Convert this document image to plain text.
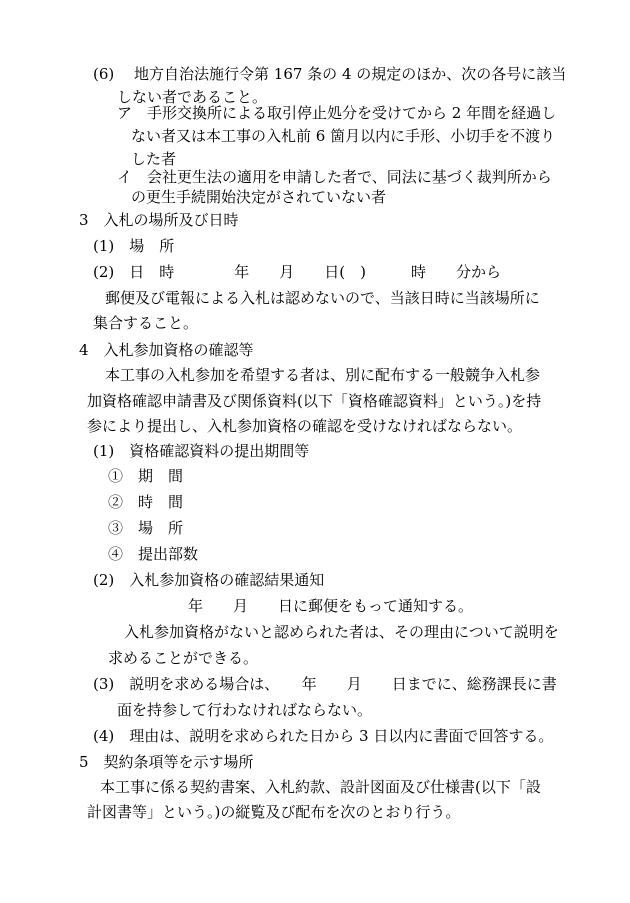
(6)　 地方自治法施行令第 167 条の 4 の規定のほか、次の各号に該当
しない者であること。
ア　手形交換所による取引停止処分を受けてから 2 年間を経過し
ない者又は本工事の入札前 6 箇月以内に手形、小切手を不渡り
した者
イ　会社更生法の適用を申請した者で、同法に基づく裁判所から
の更生手続開始決定がされていない者
3　入札の場所及び日時
(1)　場　所
(2)　日　時　　　　年　　月　　日(　)　　　時　　分から
郵便及び電報による入札は認めないので、当該日時に当該場所に
集合すること。
4　入札参加資格の確認等
本工事の入札参加を希望する者は、別に配布する一般競争入札参
加資格確認申請書及び関係資料(以下「資格確認資料」という。)を持
参により提出し、入札参加資格の確認を受けなければならない。
(1)　資格確認資料の提出期間等
①　期　間
②　時　間
③　場　所
④　提出部数
(2)　入札参加資格の確認結果通知
年　　月　　日に郵便をもって通知する。
入札参加資格がないと認められた者は、その理由について説明を
求めることができる。
(3)　説明を求める場合は、　　年　　月　　日までに、総務課長に書
面を持参して行わなければならない。
(4)　理由は、説明を求められた日から 3 日以内に書面で回答する。
5　契約条項等を示す場所
本工事に係る契約書案、入札約款、設計図面及び仕様書(以下「設
計図書等」という。)の縦覧及び配布を次のとおり行う。
